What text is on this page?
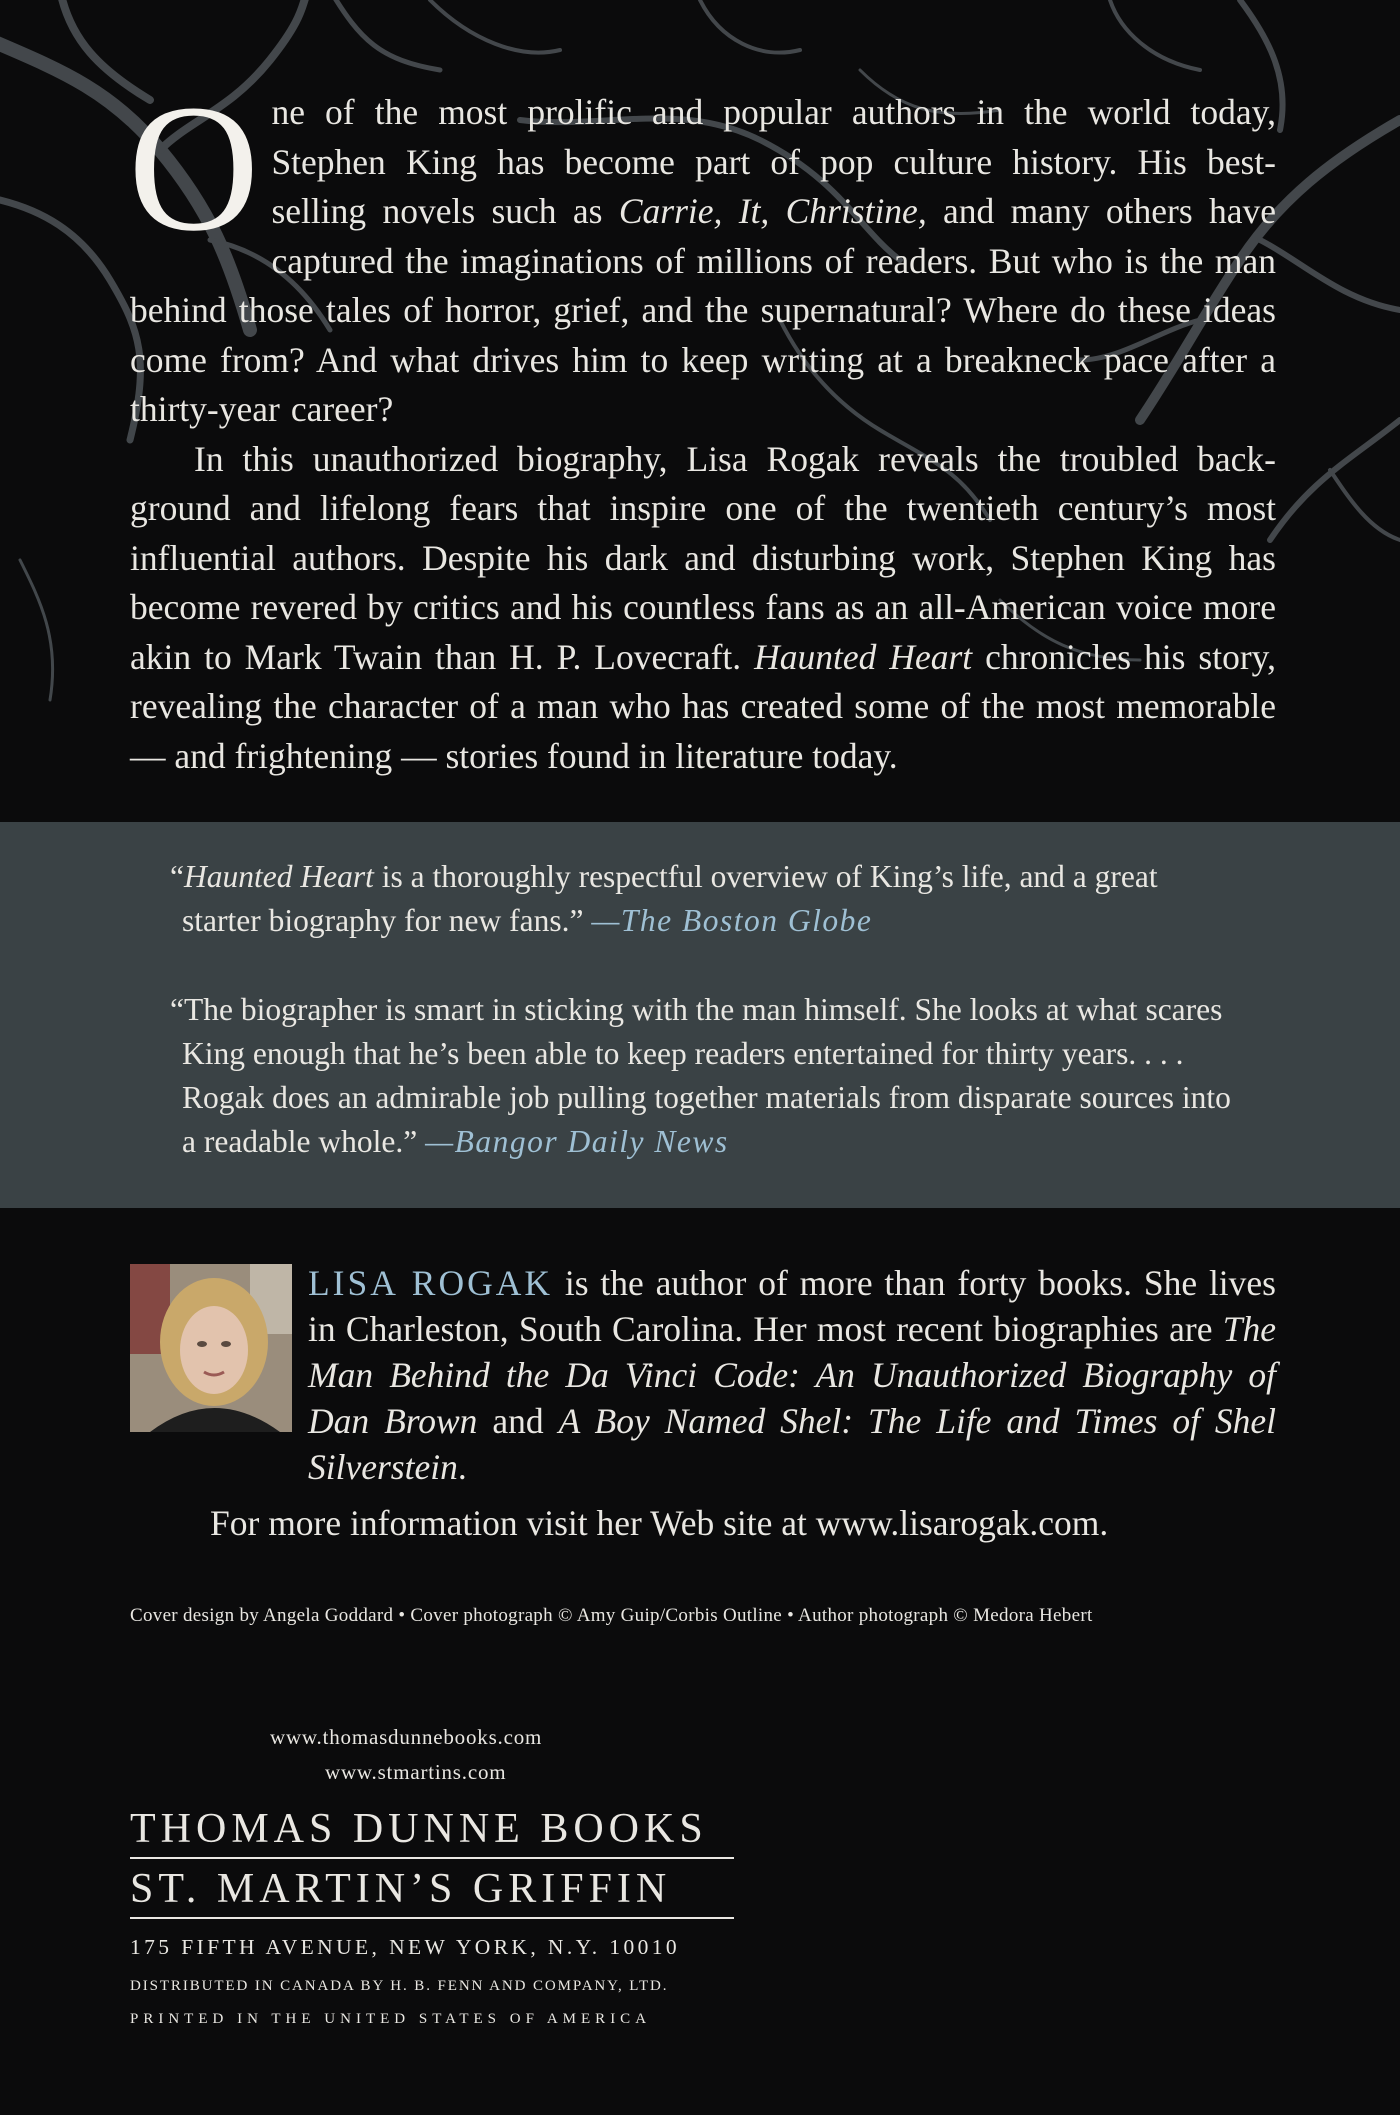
One of the most prolific and popular authors in the world today, Stephen King has become part of pop culture history. His best-selling novels such as Carrie, It, Christine, and many others have captured the imaginations of millions of readers. But who is the man behind those tales of horror, grief, and the supernatural? Where do these ideas come from? And what drives him to keep writing at a breakneck pace after a thirty-year career?

In this unauthorized biography, Lisa Rogak reveals the troubled back-ground and lifelong fears that inspire one of the twentieth century’s most influential authors. Despite his dark and disturbing work, Stephen King has become revered by critics and his countless fans as an all-American voice more akin to Mark Twain than H. P. Lovecraft. Haunted Heart chronicles his story, revealing the character of a man who has created some of the most memorable — and frightening — stories found in literature today.

“Haunted Heart is a thoroughly respectful overview of King’s life, and a great starter biography for new fans.” —The Boston Globe

“The biographer is smart in sticking with the man himself. She looks at what scares King enough that he’s been able to keep readers entertained for thirty years. . . . Rogak does an admirable job pulling together materials from disparate sources into a readable whole.” —Bangor Daily News

LISA ROGAK is the author of more than forty books. She lives in Charleston, South Carolina. Her most recent biographies are The Man Behind the Da Vinci Code: An Unauthorized Biography of Dan Brown and A Boy Named Shel: The Life and Times of Shel Silverstein.

For more information visit her Web site at www.lisarogak.com.

Cover design by Angela Goddard • Cover photograph © Amy Guip/Corbis Outline • Author photograph © Medora Hebert

www.thomasdunnebooks.com
www.stmartins.com
THOMAS DUNNE BOOKS
ST. MARTIN’S GRIFFIN
175 FIFTH AVENUE, NEW YORK, N.Y. 10010
DISTRIBUTED IN CANADA BY H. B. FENN AND COMPANY, LTD.
PRINTED IN THE UNITED STATES OF AMERICA
